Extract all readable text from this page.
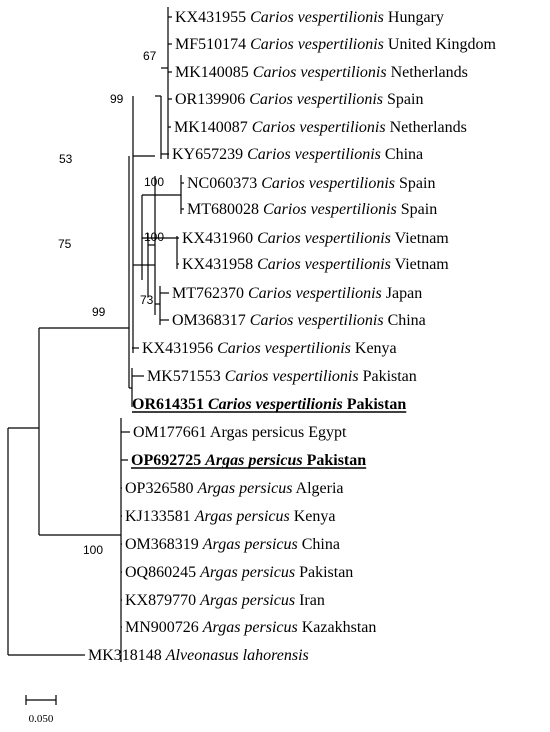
KX431955 Carios vespertilionis Hungary
MF510174 Carios vespertilionis United Kingdom
MK140085 Carios vespertilionis Netherlands
OR139906 Carios vespertilionis Spain
MK140087 Carios vespertilionis Netherlands
KY657239 Carios vespertilionis China
NC060373 Carios vespertilionis Spain
MT680028 Carios vespertilionis Spain
KX431960 Carios vespertilionis Vietnam
KX431958 Carios vespertilionis Vietnam
MT762370 Carios vespertilionis Japan
OM368317 Carios vespertilionis China
KX431956 Carios vespertilionis Kenya
MK571553 Carios vespertilionis Pakistan
OR614351 Carios vespertilionis Pakistan
OM177661 Argas persicus Egypt
OP692725 Argas persicus Pakistan
OP326580 Argas persicus Algeria
KJ133581 Argas persicus Kenya
OM368319 Argas persicus China
OQ860245 Argas persicus Pakistan
KX879770 Argas persicus Iran
MN900726 Argas persicus Kazakhstan
MK318148 Alveonasus lahorensis
67
99
53
100
100
73
75
99
100
0.050
